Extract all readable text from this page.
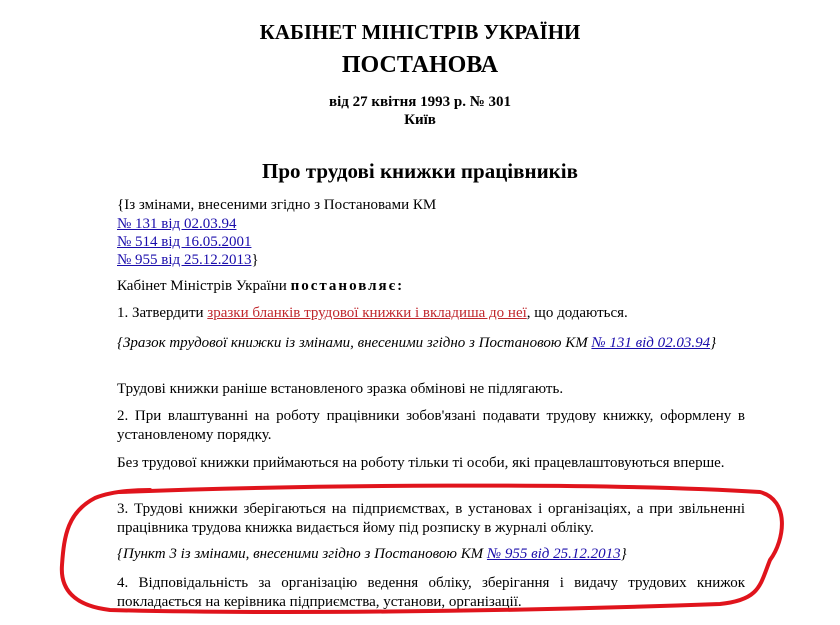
КАБІНЕТ МІНІСТРІВ УКРАЇНИ
ПОСТАНОВА
від 27 квітня 1993 р. № 301
Київ
Про трудові книжки працівників
{Із змінами, внесеними згідно з Постановами КМ
№ 131 від 02.03.94
№ 514 від 16.05.2001
№ 955 від 25.12.2013}
Кабінет Міністрів України постановляє:
1. Затвердити зразки бланків трудової книжки і вкладиша до неї, що додаються.
{Зразок трудової книжки із змінами, внесеними згідно з Постановою КМ № 131 від 02.03.94}
Трудові книжки раніше встановленого зразка обмінові не підлягають.
2. При влаштуванні на роботу працівники зобов'язані подавати трудову книжку, оформлену в установленому порядку.
Без трудової книжки приймаються на роботу тільки ті особи, які працевлаштовуються вперше.
3. Трудові книжки зберігаються на підприємствах, в установах і організаціях, а при звільненні працівника трудова книжка видається йому під розписку в журналі обліку.
{Пункт 3 із змінами, внесеними згідно з Постановою КМ № 955 від 25.12.2013}
4. Відповідальність за організацію ведення обліку, зберігання і видачу трудових книжок покладається на керівника підприємства, установи, організації.
